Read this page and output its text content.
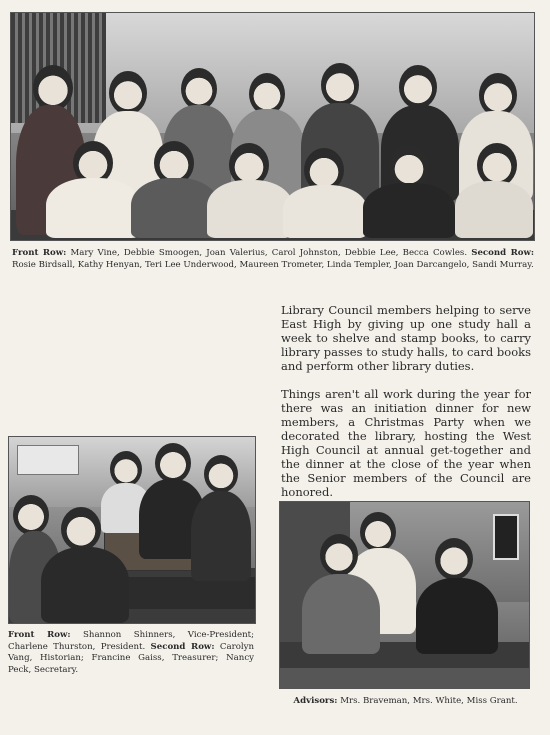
Front Row: Mary Vine, Debbie Smoogen, Joan Valerius, Carol Johnston, Debbie Lee, Becca Cowles. Second Row: Rosie Birdsall, Kathy Henyan, Teri Lee Underwood, Maureen Trometer, Linda Templer, Joan Darcangelo, Sandi Murray.

Library Council members helping to serve East High by giving up one study hall a week to shelve and stamp books, to carry library passes to study halls, to card books and perform other library duties.

Things aren't all work during the year for there was an initiation dinner for new members, a Christmas Party when we decorated the library, hosting the West High Council at annual get-together and the dinner at the close of the year when the Senior members of the Council are honored.

Front Row: Shannon Shinners, Vice-President; Charlene Thurston, President. Second Row: Carolyn Vang, Historian; Francine Gaiss, Treasurer; Nancy Peck, Secretary.
Advisors: Mrs. Braveman, Mrs. White, Miss Grant.
